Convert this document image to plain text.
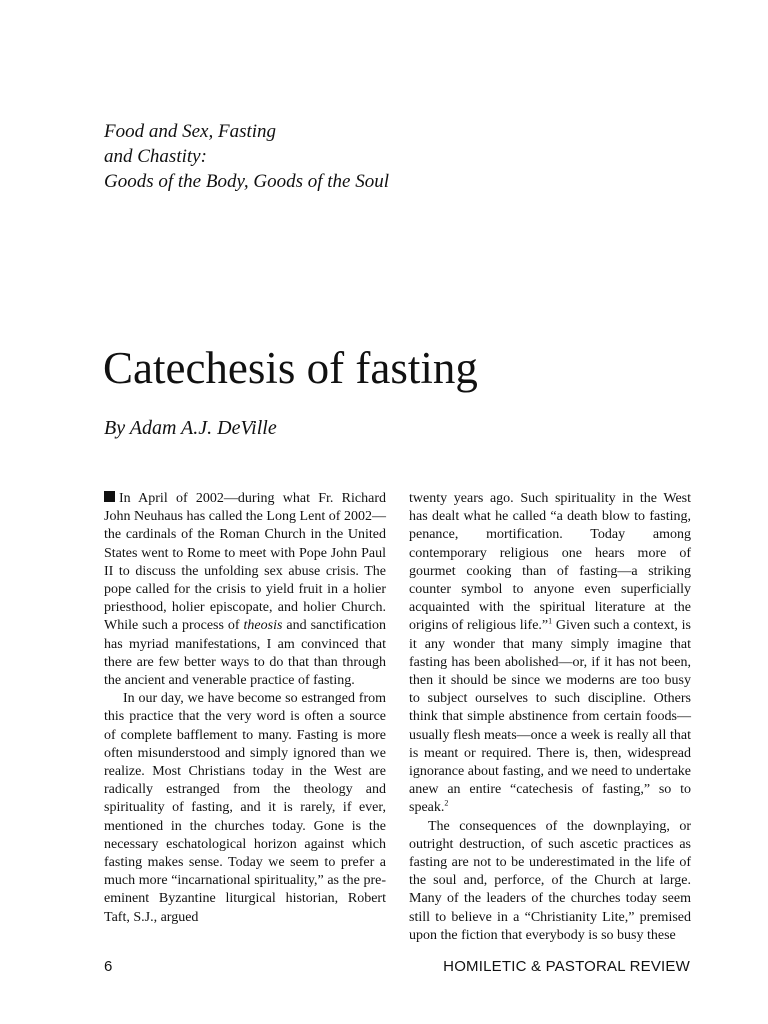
Food and Sex, Fasting
and Chastity:
Goods of the Body, Goods of the Soul
Catechesis of fasting
By Adam A.J. DeVille

In April of 2002—during what Fr. Richard John Neuhaus has called the Long Lent of 2002—the cardinals of the Roman Church in the United States went to Rome to meet with Pope John Paul II to discuss the unfolding sex abuse crisis. The pope called for the crisis to yield fruit in a holier priesthood, holier episcopate, and holier Church. While such a process of theosis and sanctification has myriad manifestations, I am convinced that there are few better ways to do that than through the ancient and venerable practice of fasting.

In our day, we have become so estranged from this practice that the very word is often a source of complete bafflement to many. Fasting is more often misunderstood and simply ignored than we realize. Most Christians today in the West are radically estranged from the theology and spirituality of fasting, and it is rarely, if ever, mentioned in the churches today. Gone is the necessary eschatological horizon against which fasting makes sense. Today we seem to prefer a much more “incarnational spirituality,” as the pre-eminent Byzantine liturgical historian, Robert Taft, S.J., argued

twenty years ago. Such spirituality in the West has dealt what he called “a death blow to fasting, penance, mortification. Today among contemporary religious one hears more of gourmet cooking than of fasting—a striking counter symbol to anyone even superficially acquainted with the spiritual literature at the origins of religious life.”$^1$ Given such a context, is it any wonder that many simply imagine that fasting has been abolished—or, if it has not been, then it should be since we moderns are too busy to subject ourselves to such discipline. Others think that simple abstinence from certain foods—usually flesh meats—once a week is really all that is meant or required. There is, then, widespread ignorance about fasting, and we need to undertake anew an entire “catechesis of fasting,” so to speak.$^2$

The consequences of the downplaying, or outright destruction, of such ascetic practices as fasting are not to be underestimated in the life of the soul and, perforce, of the Church at large. Many of the leaders of the churches today seem still to believe in a “Christianity Lite,” premised upon the fiction that everybody is so busy these

6	HOMILETIC & PASTORAL REVIEW
